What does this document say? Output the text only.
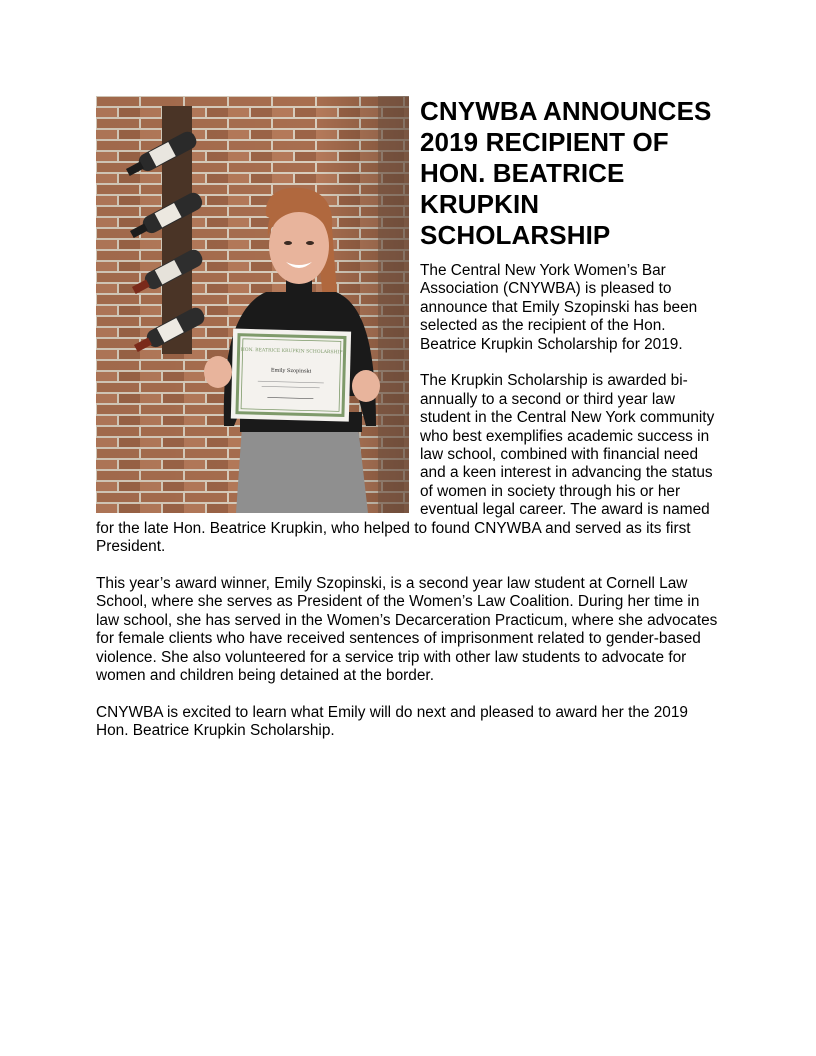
HON. BEATRICE KRUPKIN SCHOLARSHIP
Emily Szopinski
CNYWBA ANNOUNCES
2019 RECIPIENT OF
HON. BEATRICE
KRUPKIN
SCHOLARSHIP

The Central New York Women’s Bar Association (CNYWBA) is pleased to announce that Emily Szopinski has been selected as the recipient of the Hon. Beatrice Krupkin Scholarship for 2019.

The Krupkin Scholarship is awarded bi-annually to a second or third year law student in the Central New York community who best exemplifies academic success in law school, combined with financial need and a keen interest in advancing the status of women in society through his or her eventual legal career. The award is named for the late Hon. Beatrice Krupkin, who helped to found CNYWBA and served as its first President.

This year’s award winner, Emily Szopinski, is a second year law student at Cornell Law School, where she serves as President of the Women’s Law Coalition. During her time in law school, she has served in the Women’s Decarceration Practicum, where she advocates for female clients who have received sentences of imprisonment related to gender-based violence. She also volunteered for a service trip with other law students to advocate for women and children being detained at the border.

CNYWBA is excited to learn what Emily will do next and pleased to award her the 2019 Hon. Beatrice Krupkin Scholarship.
